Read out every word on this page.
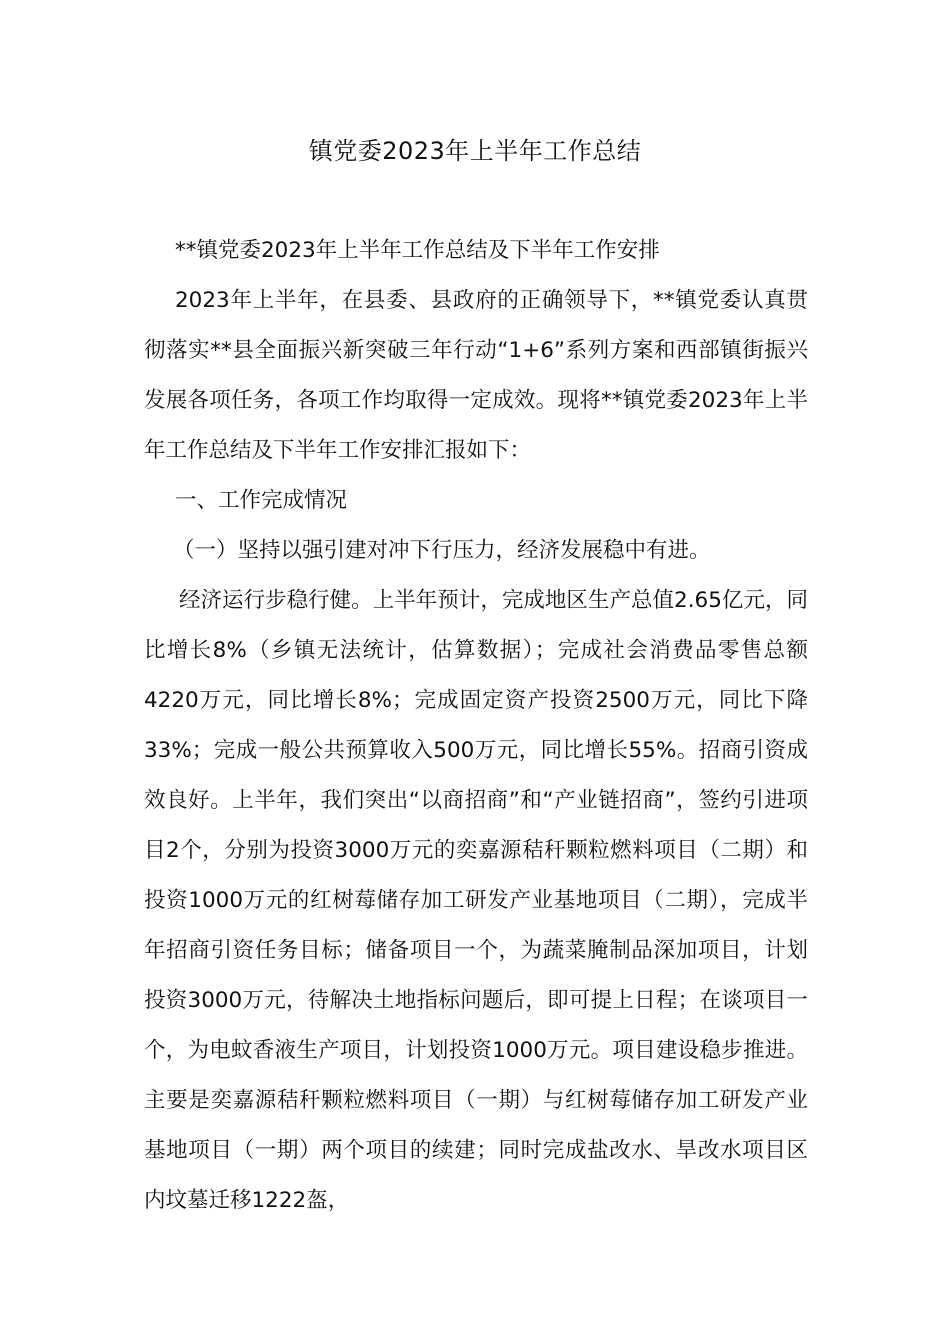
镇党委2023年上半年工作总结

**镇党委2023年上半年工作总结及下半年工作安排

2023年上半年，在县委、县政府的正确领导下，**镇党委认真贯彻落实**县全面振兴新突破三年行动“1+6”系列方案和西部镇街振兴发展各项任务，各项工作均取得一定成效。现将**镇党委2023年上半年工作总结及下半年工作安排汇报如下：

一、工作完成情况

（一）坚持以强引建对冲下行压力，经济发展稳中有进。

经济运行步稳行健。上半年预计，完成地区生产总值2.65亿元，同比增长8%（乡镇无法统计，估算数据）；完成社会消费品零售总额4220万元，同比增长8%；完成固定资产投资2500万元，同比下降33%；完成一般公共预算收入500万元，同比增长55%。招商引资成效良好。上半年，我们突出“以商招商”和“产业链招商”，签约引进项目2个，分别为投资3000万元的奕嘉源秸秆颗粒燃料项目（二期）和投资1000万元的红树莓储存加工研发产业基地项目（二期），完成半年招商引资任务目标；储备项目一个，为蔬菜腌制品深加项目，计划投资3000万元，待解决土地指标问题后，即可提上日程；在谈项目一个，为电蚊香液生产项目，计划投资1000万元。项目建设稳步推进。主要是奕嘉源秸秆颗粒燃料项目（一期）与红树莓储存加工研发产业基地项目（一期）两个项目的续建；同时完成盐改水、旱改水项目区内坟墓迁移1222盔，
